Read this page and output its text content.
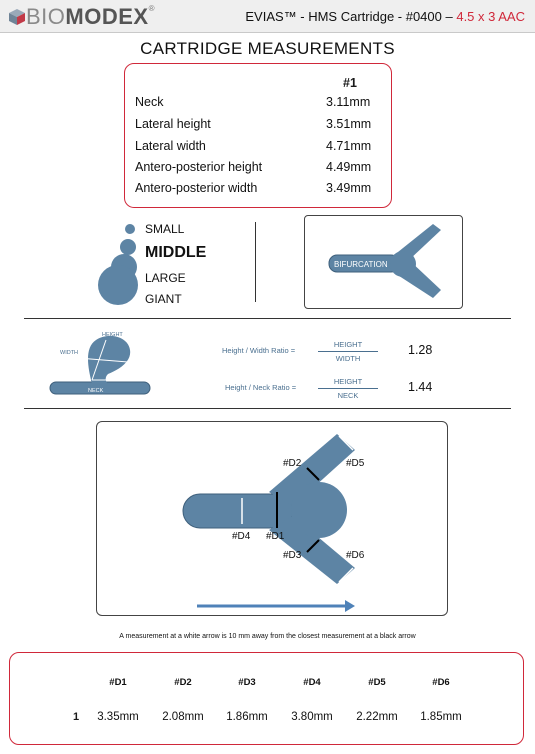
BIOMODEX®
EVIAS™ - HMS Cartridge - #0400 – 4.5 x 3 AAC
CARTRIDGE MEASUREMENTS
#1
Neck	3.11mm
Lateral height	3.51mm
Lateral width	4.71mm
Antero-posterior height	4.49mm
Antero-posterior width	3.49mm
SMALL
MIDDLE
LARGE
GIANT
BIFURCATION
HEIGHT
WIDTH
NECK
Height / Width Ratio =
HEIGHT
WIDTH
1.28
Height / Neck Ratio =
HEIGHT
NECK
1.44
#D2	#D5
#D4 #D1
#D3	#D6
A measurement at a white arrow is 10 mm away from the closest measurement at a black arrow
#D1	#D2	#D3	#D4	#D5	#D6
1	3.35mm	2.08mm	1.86mm	3.80mm	2.22mm	1.85mm
